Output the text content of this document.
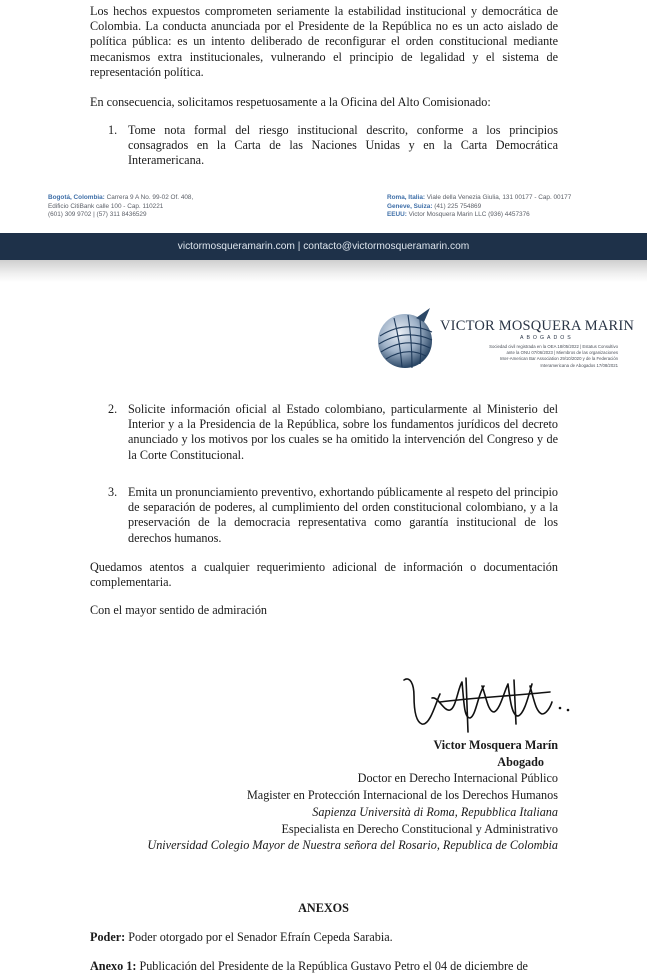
Los hechos expuestos comprometen seriamente la estabilidad institucional y democrática de Colombia. La conducta anunciada por el Presidente de la República no es un acto aislado de política pública: es un intento deliberado de reconfigurar el orden constitucional mediante mecanismos extra institucionales, vulnerando el principio de legalidad y el sistema de representación política.

En consecuencia, solicitamos respetuosamente a la Oficina del Alto Comisionado:

1. Tome nota formal del riesgo institucional descrito, conforme a los principios consagrados en la Carta de las Naciones Unidas y en la Carta Democrática Interamericana.
Bogotá, Colombia: Carrera 9 A No. 99-02 Of. 408,
Edificio CitiBank calle 100 - Cap. 110221
(601) 309 9702 | (57) 311 8436529
Roma, Italia: Viale della Venezia Giulia, 131 00177 - Cap. 00177
Geneve, Suiza: (41) 225 754869
EEUU: Victor Mosquera Marin LLC (936) 4457376
victormosqueramarin.com | contacto@victormosqueramarin.com
VICTOR MOSQUERA MARIN
ABOGADOS
Sociedad civil registrada en la OEA 18/05/2022 | Estatus Consultivo
ante la ONU 07/06/2023 | Miembros de las organizaciones
Inter-American Bar Association 29/10/2020 y de la Federación
Interamericana de Abogados 17/08/2021
2. Solicite información oficial al Estado colombiano, particularmente al Ministerio del Interior y a la Presidencia de la República, sobre los fundamentos jurídicos del decreto anunciado y los motivos por los cuales se ha omitido la intervención del Congreso y de la Corte Constitucional.
3. Emita un pronunciamiento preventivo, exhortando públicamente al respeto del principio de separación de poderes, al cumplimiento del orden constitucional colombiano, y a la preservación de la democracia representativa como garantía institucional de los derechos humanos.

Quedamos atentos a cualquier requerimiento adicional de información o documentación complementaria.

Con el mayor sentido de admiración

Victor Mosquera Marín
Abogado
Doctor en Derecho Internacional Público
Magister en Protección Internacional de los Derechos Humanos
Sapienza Università di Roma, Repubblica Italiana
Especialista en Derecho Constitucional y Administrativo
Universidad Colegio Mayor de Nuestra señora del Rosario, Republica de Colombia
ANEXOS

Poder: Poder otorgado por el Senador Efraín Cepeda Sarabia.

Anexo 1: Publicación del Presidente de la República Gustavo Petro el 04 de diciembre de
